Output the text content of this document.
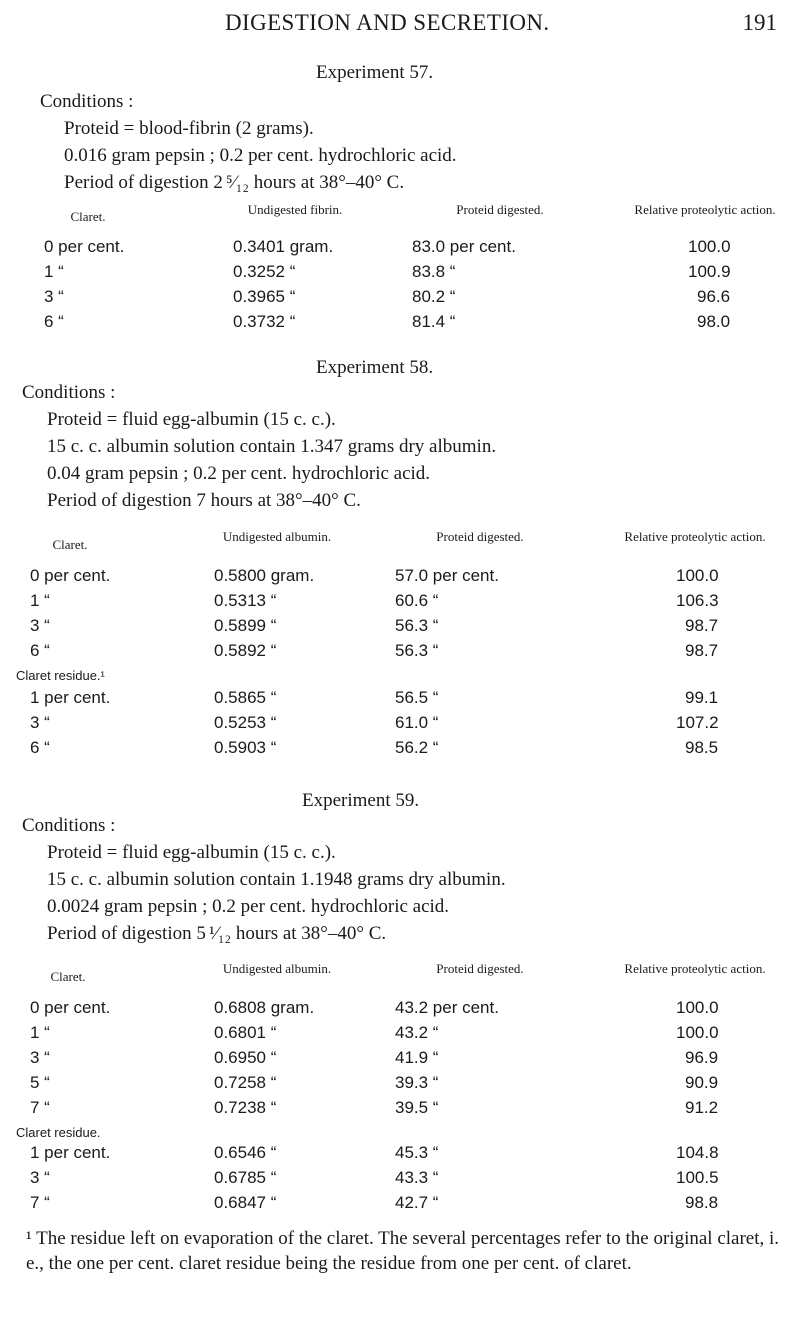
DIGESTION AND SECRETION.	191
Experiment 57.
Conditions :
Proteid = blood-fibrin (2 grams).
0.016 gram pepsin ; 0.2 per cent. hydrochloric acid.
Period of digestion 2 ⁵⁄₁₂ hours at 38°–40° C.
Claret.	Undigested fibrin.	Proteid digested.	Relative proteolytic action.
0 per cent.	0.3401 gram.	83.0 per cent.	100.0
1 “	0.3252 “	83.8 “	100.9
3 “	0.3965 “	80.2 “	96.6
6 “	0.3732 “	81.4 “	98.0
Experiment 58.
Conditions :
Proteid = fluid egg-albumin (15 c. c.).
15 c. c. albumin solution contain 1.347 grams dry albumin.
0.04 gram pepsin ; 0.2 per cent. hydrochloric acid.
Period of digestion 7 hours at 38°–40° C.
Claret.
Undigested albumin.	Proteid digested.	Relative proteolytic action.
0 per cent.	0.5800 gram.	57.0 per cent.	100.0
1 “	0.5313 “	60.6 “	106.3
3 “	0.5899 “	56.3 “	98.7
6 “	0.5892 “	56.3 “	98.7
Claret residue.¹
1 per cent.	0.5865 “	56.5 “	99.1
3 “	0.5253 “	61.0 “	107.2
6 “	0.5903 “	56.2 “	98.5
Experiment 59.
Conditions :
Proteid = fluid egg-albumin (15 c. c.).
15 c. c. albumin solution contain 1.1948 grams dry albumin.
0.0024 gram pepsin ; 0.2 per cent. hydrochloric acid.
Period of digestion 5 ¹⁄₁₂ hours at 38°–40° C.
Claret.
Undigested albumin.	Proteid digested.	Relative proteolytic action.
0 per cent.	0.6808 gram.	43.2 per cent.	100.0
1 “	0.6801 “	43.2 “	100.0
3 “	0.6950 “	41.9 “	96.9
5 “	0.7258 “	39.3 “	90.9
7 “	0.7238 “	39.5 “	91.2
Claret residue.
1 per cent.	0.6546 “	45.3 “	104.8
3 “	0.6785 “	43.3 “	100.5
7 “	0.6847 “	42.7 “	98.8
¹ The residue left on evaporation of the claret. The several percentages refer to the original claret, i. e., the one per cent. claret residue being the residue from one per cent. of claret.
